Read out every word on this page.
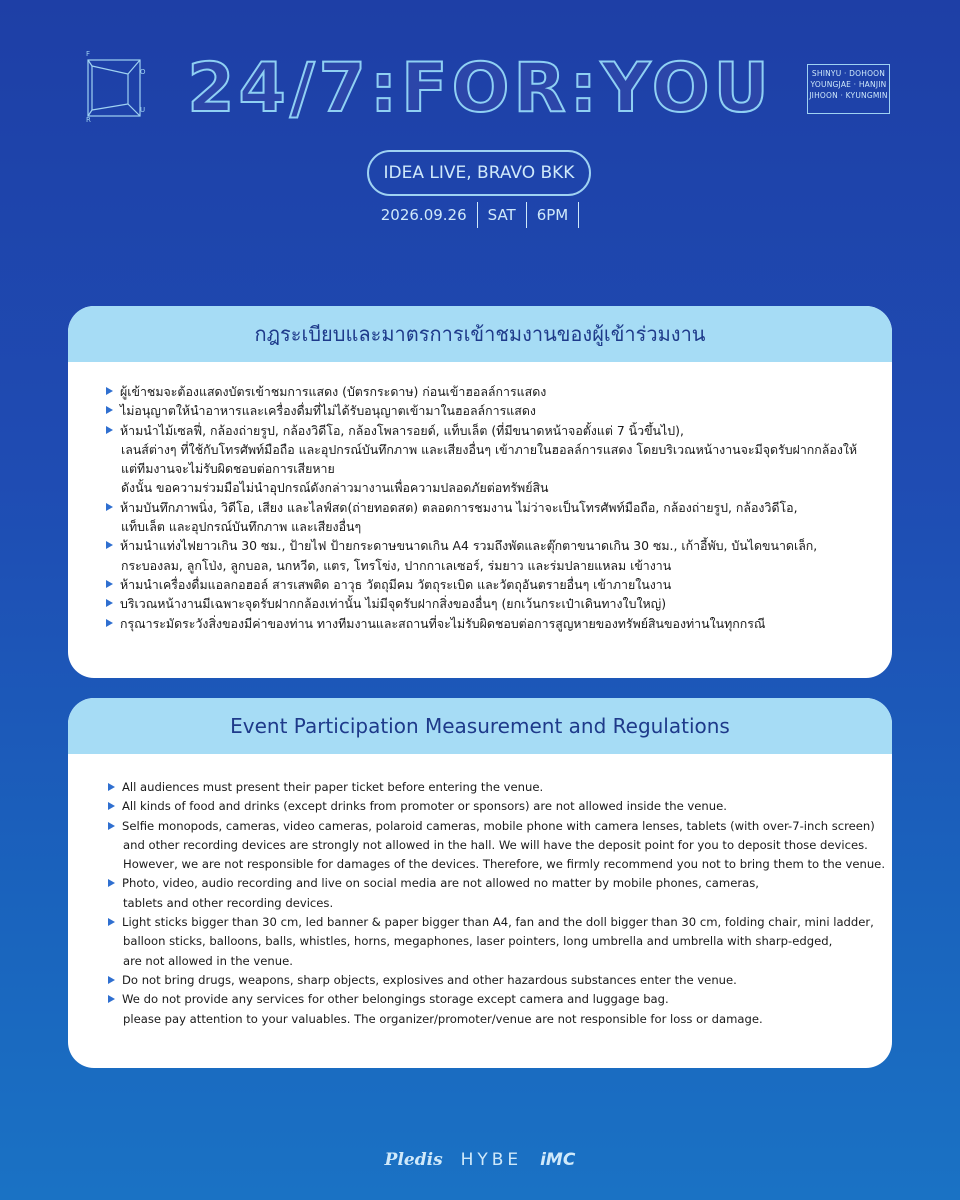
F
O
U
R	24/7:FOR:YOU	SHINYU · DOHOON
YOUNGJAE · HANJIN
JIHOON · KYUNGMIN
IDEA LIVE, BRAVO BKK
2026.09.26 SAT 6PM
กฎระเบียบและมาตรการเข้าชมงานของผู้เข้าร่วมงาน
ผู้เข้าชมจะต้องแสดงบัตรเข้าชมการแสดง (บัตรกระดาษ) ก่อนเข้าฮอลล์การแสดง
ไม่อนุญาตให้นำอาหารและเครื่องดื่มที่ไม่ได้รับอนุญาตเข้ามาในฮอลล์การแสดง
ห้ามนำไม้เซลฟี่, กล้องถ่ายรูป, กล้องวิดีโอ, กล้องโพลารอยด์, แท็บเล็ต (ที่มีขนาดหน้าจอตั้งแต่ 7 นิ้วขึ้นไป),
เลนส์ต่างๆ ที่ใช้กับโทรศัพท์มือถือ และอุปกรณ์บันทึกภาพ และเสียงอื่นๆ เข้าภายในฮอลล์การแสดง โดยบริเวณหน้างานจะมีจุดรับฝากกล้องให้
แต่ทีมงานจะไม่รับผิดชอบต่อการเสียหาย
ดังนั้น ขอความร่วมมือไม่นำอุปกรณ์ดังกล่าวมางานเพื่อความปลอดภัยต่อทรัพย์สิน
ห้ามบันทึกภาพนิ่ง, วิดีโอ, เสียง และไลฟ์สด(ถ่ายทอดสด) ตลอดการชมงาน ไม่ว่าจะเป็นโทรศัพท์มือถือ, กล้องถ่ายรูป, กล้องวิดีโอ,
แท็บเล็ต และอุปกรณ์บันทึกภาพ และเสียงอื่นๆ
ห้ามนำแท่งไฟยาวเกิน 30 ซม., ป้ายไฟ ป้ายกระดาษขนาดเกิน A4 รวมถึงพัดและตุ๊กตาขนาดเกิน 30 ซม., เก้าอี้พับ, บันไดขนาดเล็ก,
กระบองลม, ลูกโป่ง, ลูกบอล, นกหวีด, แตร, โทรโข่ง, ปากกาเลเซอร์, ร่มยาว และร่มปลายแหลม เข้างาน
ห้ามนำเครื่องดื่มแอลกอฮอล์ สารเสพติด อาวุธ วัตถุมีคม วัตถุระเบิด และวัตถุอันตรายอื่นๆ เข้าภายในงาน
บริเวณหน้างานมีเฉพาะจุดรับฝากกล้องเท่านั้น ไม่มีจุดรับฝากสิ่งของอื่นๆ (ยกเว้นกระเป๋าเดินทางใบใหญ่)
กรุณาระมัดระวังสิ่งของมีค่าของท่าน ทางทีมงานและสถานที่จะไม่รับผิดชอบต่อการสูญหายของทรัพย์สินของท่านในทุกกรณี
Event Participation Measurement and Regulations
All audiences must present their paper ticket before entering the venue.
All kinds of food and drinks (except drinks from promoter or sponsors) are not allowed inside the venue.
Selfie monopods, cameras, video cameras, polaroid cameras, mobile phone with camera lenses, tablets (with over-7-inch screen)
and other recording devices are strongly not allowed in the hall. We will have the deposit point for you to deposit those devices.
However, we are not responsible for damages of the devices. Therefore, we firmly recommend you not to bring them to the venue.
Photo, video, audio recording and live on social media are not allowed no matter by mobile phones, cameras,
tablets and other recording devices.
Light sticks bigger than 30 cm, led banner & paper bigger than A4, fan and the doll bigger than 30 cm, folding chair, mini ladder,
balloon sticks, balloons, balls, whistles, horns, megaphones, laser pointers, long umbrella and umbrella with sharp-edged,
are not allowed in the venue.
Do not bring drugs, weapons, sharp objects, explosives and other hazardous substances enter the venue.
We do not provide any services for other belongings storage except camera and luggage bag.
please pay attention to your valuables. The organizer/promoter/venue are not responsible for loss or damage.
Pledis HYBE iMC
